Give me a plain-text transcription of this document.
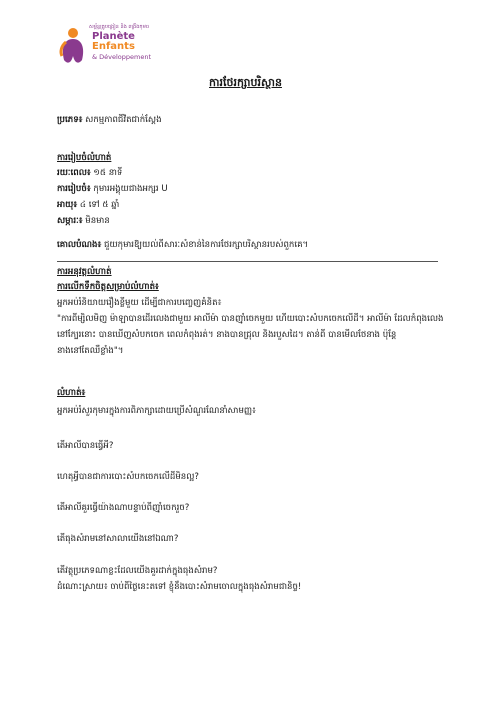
សម្ព័ន្ធគ្រូបង្រៀន និង ពង្រឹងកុមារ
Planète
Enfants
& Développement
ការថែរក្សាបរិស្ថាន
ប្រភេទ៖ សកម្មភាពជីវិតជាក់ស្តែង
ការរៀបចំលំហាត់
រយៈពេល៖ ១៥ នាទី
ការរៀបចំ៖ កុមារអង្គុយជាងអក្សរ U
អាយុ៖ ៤ ទៅ ៥ ឆ្នាំ
សម្ភារៈ៖ មិនមាន
គោលបំណង៖ ជួយកុមារឱ្យយល់ពីសារៈសំខាន់នៃការថែរក្សាបរិស្ថានរបស់ពួកគេ។
ការអនុវត្តលំហាត់
ការលើកទឹកចិត្តសម្រាប់លំហាត់៖
អ្នកអប់រំនិយាយរឿងខ្លីមួយ ដើម្បីជាការបញ្ចេញគំនិត៖
"ការពីម្សិលមិញ ម៉ាឡាបានដើរលេងជាមួយ អាលីម៉ា បានញ៉ាំចេកមួយ ហើយបោះសំបកចេកលើដី។ អាលីម៉ា ដែលកំពុងលេង
នៅក្បែរនោះ បានឃើញសំបកចេក ពេលកំពុងរត់។ នាងបានជ្រុល និងរបួសដៃ។ តាន់ពី បានមើលថែនាង ប៉ុន្តែ
នាងនៅតែឈឺខ្លាំង"។
លំហាត់៖
អ្នកអប់រំសួរកុមារក្នុងការពិភាក្សាដោយប្រើសំណួរណែនាំសាមញ្ញ៖
តើអាលីបានធ្វើអី?
ហេតុអ្វីបានជាការបោះសំបកចេកលើដីមិនល្អ?
តើអាលីគួរធ្វើយ៉ាងណាបន្ទាប់ពីញ៉ាំចេករួច?
តើធុងសំរាមនៅសាលាយើងនៅឯណា?
តើវត្ថុប្រភេទណាខ្លះដែលយើងគួរដាក់ក្នុងធុងសំរាម?
ដំណោះស្រាយ៖ ចាប់ពីថ្ងៃនេះតទៅ ខ្ញុំនឹងបោះសំរាមចោលក្នុងធុងសំរាមជានិច្ច!
